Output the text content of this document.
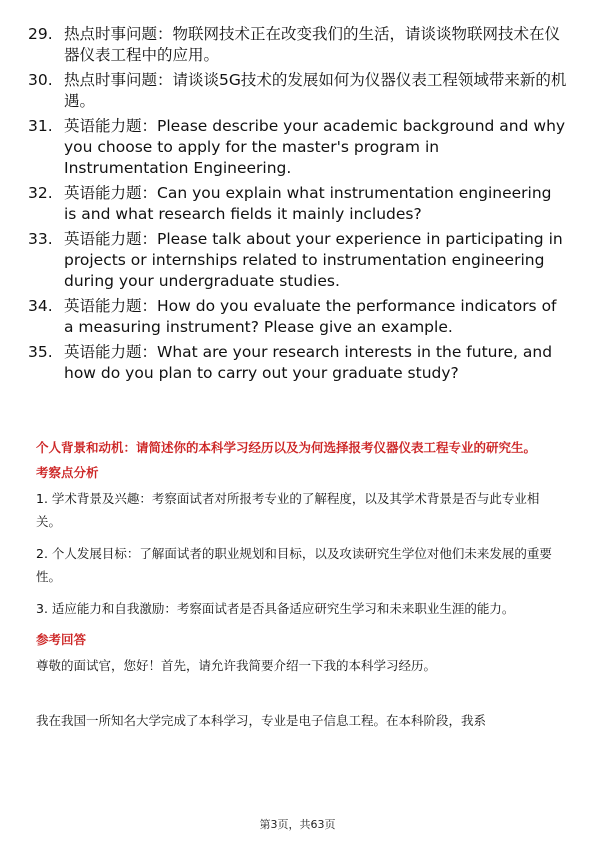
29. 热点时事问题：物联网技术正在改变我们的生活，请谈谈物联网技术在仪器仪表工程中的应用。
30. 热点时事问题：请谈谈5G技术的发展如何为仪器仪表工程领域带来新的机遇。
31. 英语能力题：Please describe your academic background and why you choose to apply for the master's program in Instrumentation Engineering.
32. 英语能力题：Can you explain what instrumentation engineering is and what research fields it mainly includes?
33. 英语能力题：Please talk about your experience in participating in projects or internships related to instrumentation engineering during your undergraduate studies.
34. 英语能力题：How do you evaluate the performance indicators of a measuring instrument? Please give an example.
35. 英语能力题：What are your research interests in the future, and how do you plan to carry out your graduate study?
个人背景和动机：请简述你的本科学习经历以及为何选择报考仪器仪表工程专业的研究生。
考察点分析
1. 学术背景及兴趣：考察面试者对所报考专业的了解程度，以及其学术背景是否与此专业相关。
2. 个人发展目标：了解面试者的职业规划和目标，以及攻读研究生学位对他们未来发展的重要性。
3. 适应能力和自我激励：考察面试者是否具备适应研究生学习和未来职业生涯的能力。
参考回答
尊敬的面试官，您好！首先，请允许我简要介绍一下我的本科学习经历。
我在我国一所知名大学完成了本科学习，专业是电子信息工程。在本科阶段，我系
第3页，共63页
